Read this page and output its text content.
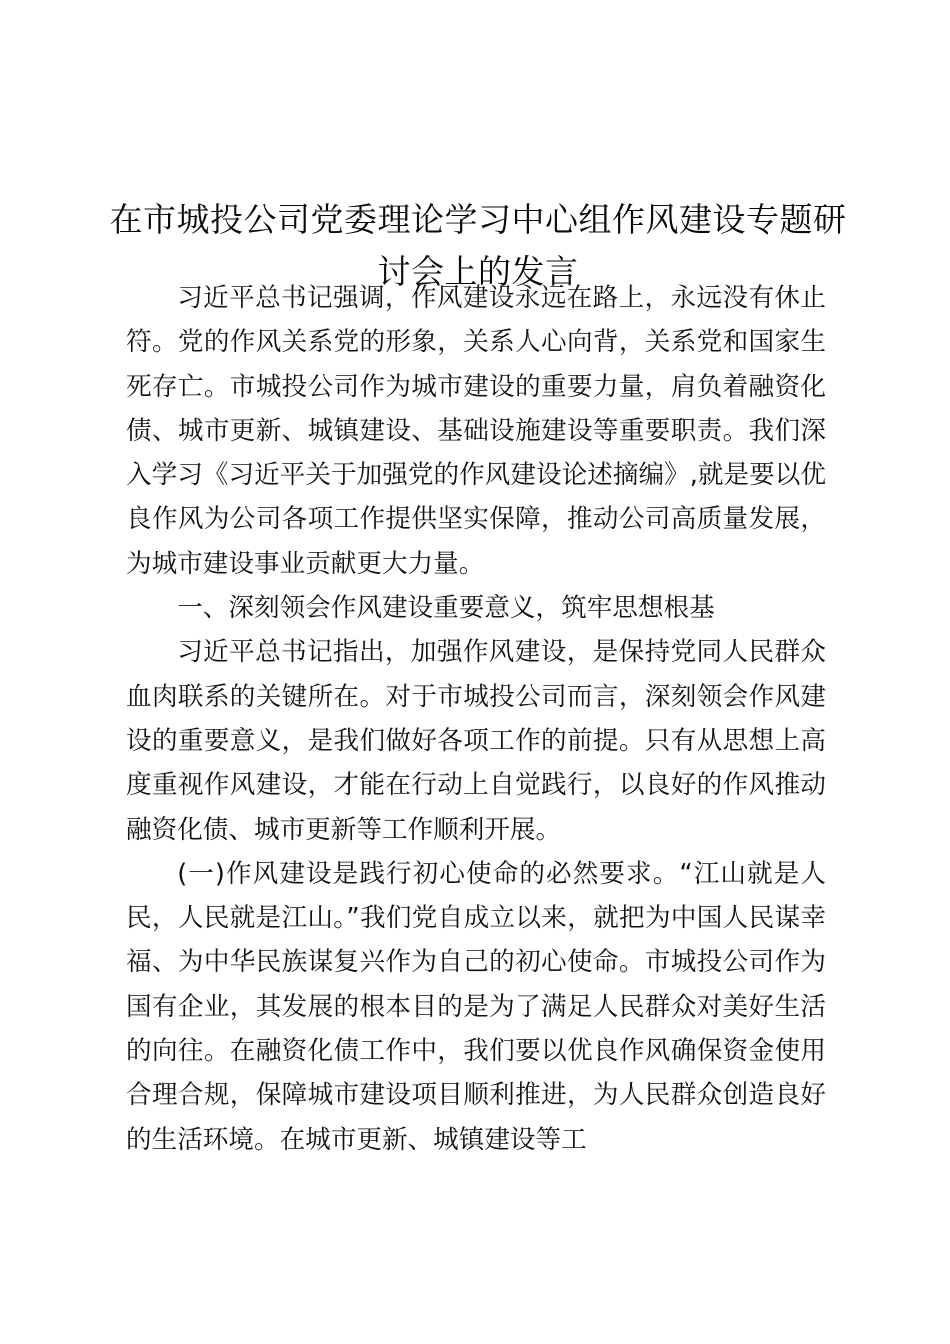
在市城投公司党委理论学习中心组作风建设专题研讨会上的发言

习近平总书记强调，作风建设永远在路上，永远没有休止符。党的作风关系党的形象，关系人心向背，关系党和国家生死存亡。市城投公司作为城市建设的重要力量，肩负着融资化债、城市更新、城镇建设、基础设施建设等重要职责。我们深入学习《习近平关于加强党的作风建设论述摘编》,就是要以优良作风为公司各项工作提供坚实保障，推动公司高质量发展，为城市建设事业贡献更大力量。

一、深刻领会作风建设重要意义，筑牢思想根基

习近平总书记指出，加强作风建设，是保持党同人民群众血肉联系的关键所在。对于市城投公司而言，深刻领会作风建设的重要意义，是我们做好各项工作的前提。只有从思想上高度重视作风建设，才能在行动上自觉践行，以良好的作风推动融资化债、城市更新等工作顺利开展。

(一)作风建设是践行初心使命的必然要求。“江山就是人民，人民就是江山。”我们党自成立以来，就把为中国人民谋幸福、为中华民族谋复兴作为自己的初心使命。市城投公司作为国有企业，其发展的根本目的是为了满足人民群众对美好生活的向往。在融资化债工作中，我们要以优良作风确保资金使用合理合规，保障城市建设项目顺利推进，为人民群众创造良好的生活环境。在城市更新、城镇建设等工
